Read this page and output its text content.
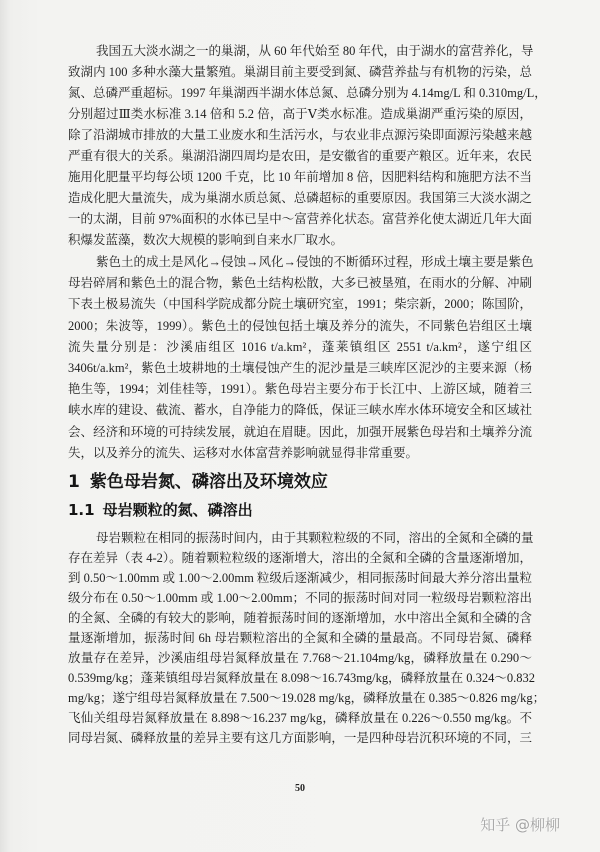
我国五大淡水湖之一的巢湖，从 60 年代始至 80 年代，由于湖水的富营养化，导
致湖内 100 多种水藻大量繁殖。巢湖目前主要受到氮、磷营养盐与有机物的污染，总
氮、总磷严重超标。1997 年巢湖西半湖水体总氮、总磷分别为 4.14mg/L 和 0.310mg/L，
分别超过Ⅲ类水标准 3.14 倍和 5.2 倍，高于Ⅴ类水标准。造成巢湖严重污染的原因，
除了沿湖城市排放的大量工业废水和生活污水，与农业非点源污染即面源污染越来越
严重有很大的关系。巢湖沿湖四周均是农田，是安徽省的重要产粮区。近年来，农民
施用化肥量平均每公顷 1200 千克，比 10 年前增加 8 倍，因肥料结构和施肥方法不当
造成化肥大量流失，成为巢湖水质总氮、总磷超标的重要原因。我国第三大淡水湖之
一的太湖，目前 97%面积的水体已呈中～富营养化状态。富营养化使太湖近几年大面
积爆发蓝藻，数次大规模的影响到自来水厂取水。
紫色土的成土是风化→侵蚀→风化→侵蚀的不断循环过程，形成土壤主要是紫色
母岩碎屑和紫色土的混合物，紫色土结构松散，大多已被垦殖，在雨水的分解、冲刷
下表土极易流失（中国科学院成都分院土壤研究室，1991；柴宗新，2000；陈国阶，
2000；朱波等，1999）。紫色土的侵蚀包括土壤及养分的流失，不同紫色岩组区土壤
流失量分别是：沙溪庙组区 1016 t/a.km²，蓬莱镇组区 2551 t/a.km²，遂宁组区
3406t/a.km²，紫色土坡耕地的土壤侵蚀产生的泥沙量是三峡库区泥沙的主要来源（杨
艳生等，1994；刘佳桂等，1991）。紫色母岩主要分布于长江中、上游区域，随着三
峡水库的建设、截流、蓄水，自净能力的降低，保证三峡水库水体环境安全和区域社
会、经济和环境的可持续发展，就迫在眉睫。因此，加强开展紫色母岩和土壤养分流
失，以及养分的流失、运移对水体富营养影响就显得非常重要。
1 紫色母岩氮、磷溶出及环境效应
1.1 母岩颗粒的氮、磷溶出
母岩颗粒在相同的振荡时间内，由于其颗粒粒级的不同，溶出的全氮和全磷的量
存在差异（表 4-2）。随着颗粒粒级的逐渐增大，溶出的全氮和全磷的含量逐渐增加，
到 0.50～1.00mm 或 1.00～2.00mm 粒级后逐渐减少，相同振荡时间最大养分溶出量粒
级分布在 0.50～1.00mm 或 1.00～2.00mm；不同的振荡时间对同一粒级母岩颗粒溶出
的全氮、全磷的有较大的影响，随着振荡时间的逐渐增加，水中溶出全氮和全磷的含
量逐渐增加，振荡时间 6h 母岩颗粒溶出的全氮和全磷的量最高。不同母岩氮、磷释
放量存在差异，沙溪庙组母岩氮释放量在 7.768～21.104mg/kg，磷释放量在 0.290～
0.539mg/kg；蓬莱镇组母岩氮释放量在 8.098～16.743mg/kg，磷释放量在 0.324～0.832
mg/kg；遂宁组母岩氮释放量在 7.500～19.028 mg/kg，磷释放量在 0.385～0.826 mg/kg；
飞仙关组母岩氮释放量在 8.898～16.237 mg/kg，磷释放量在 0.226～0.550 mg/kg。不
同母岩氮、磷释放量的差异主要有这几方面影响，一是四种母岩沉积环境的不同，三
50
知乎 @柳柳
